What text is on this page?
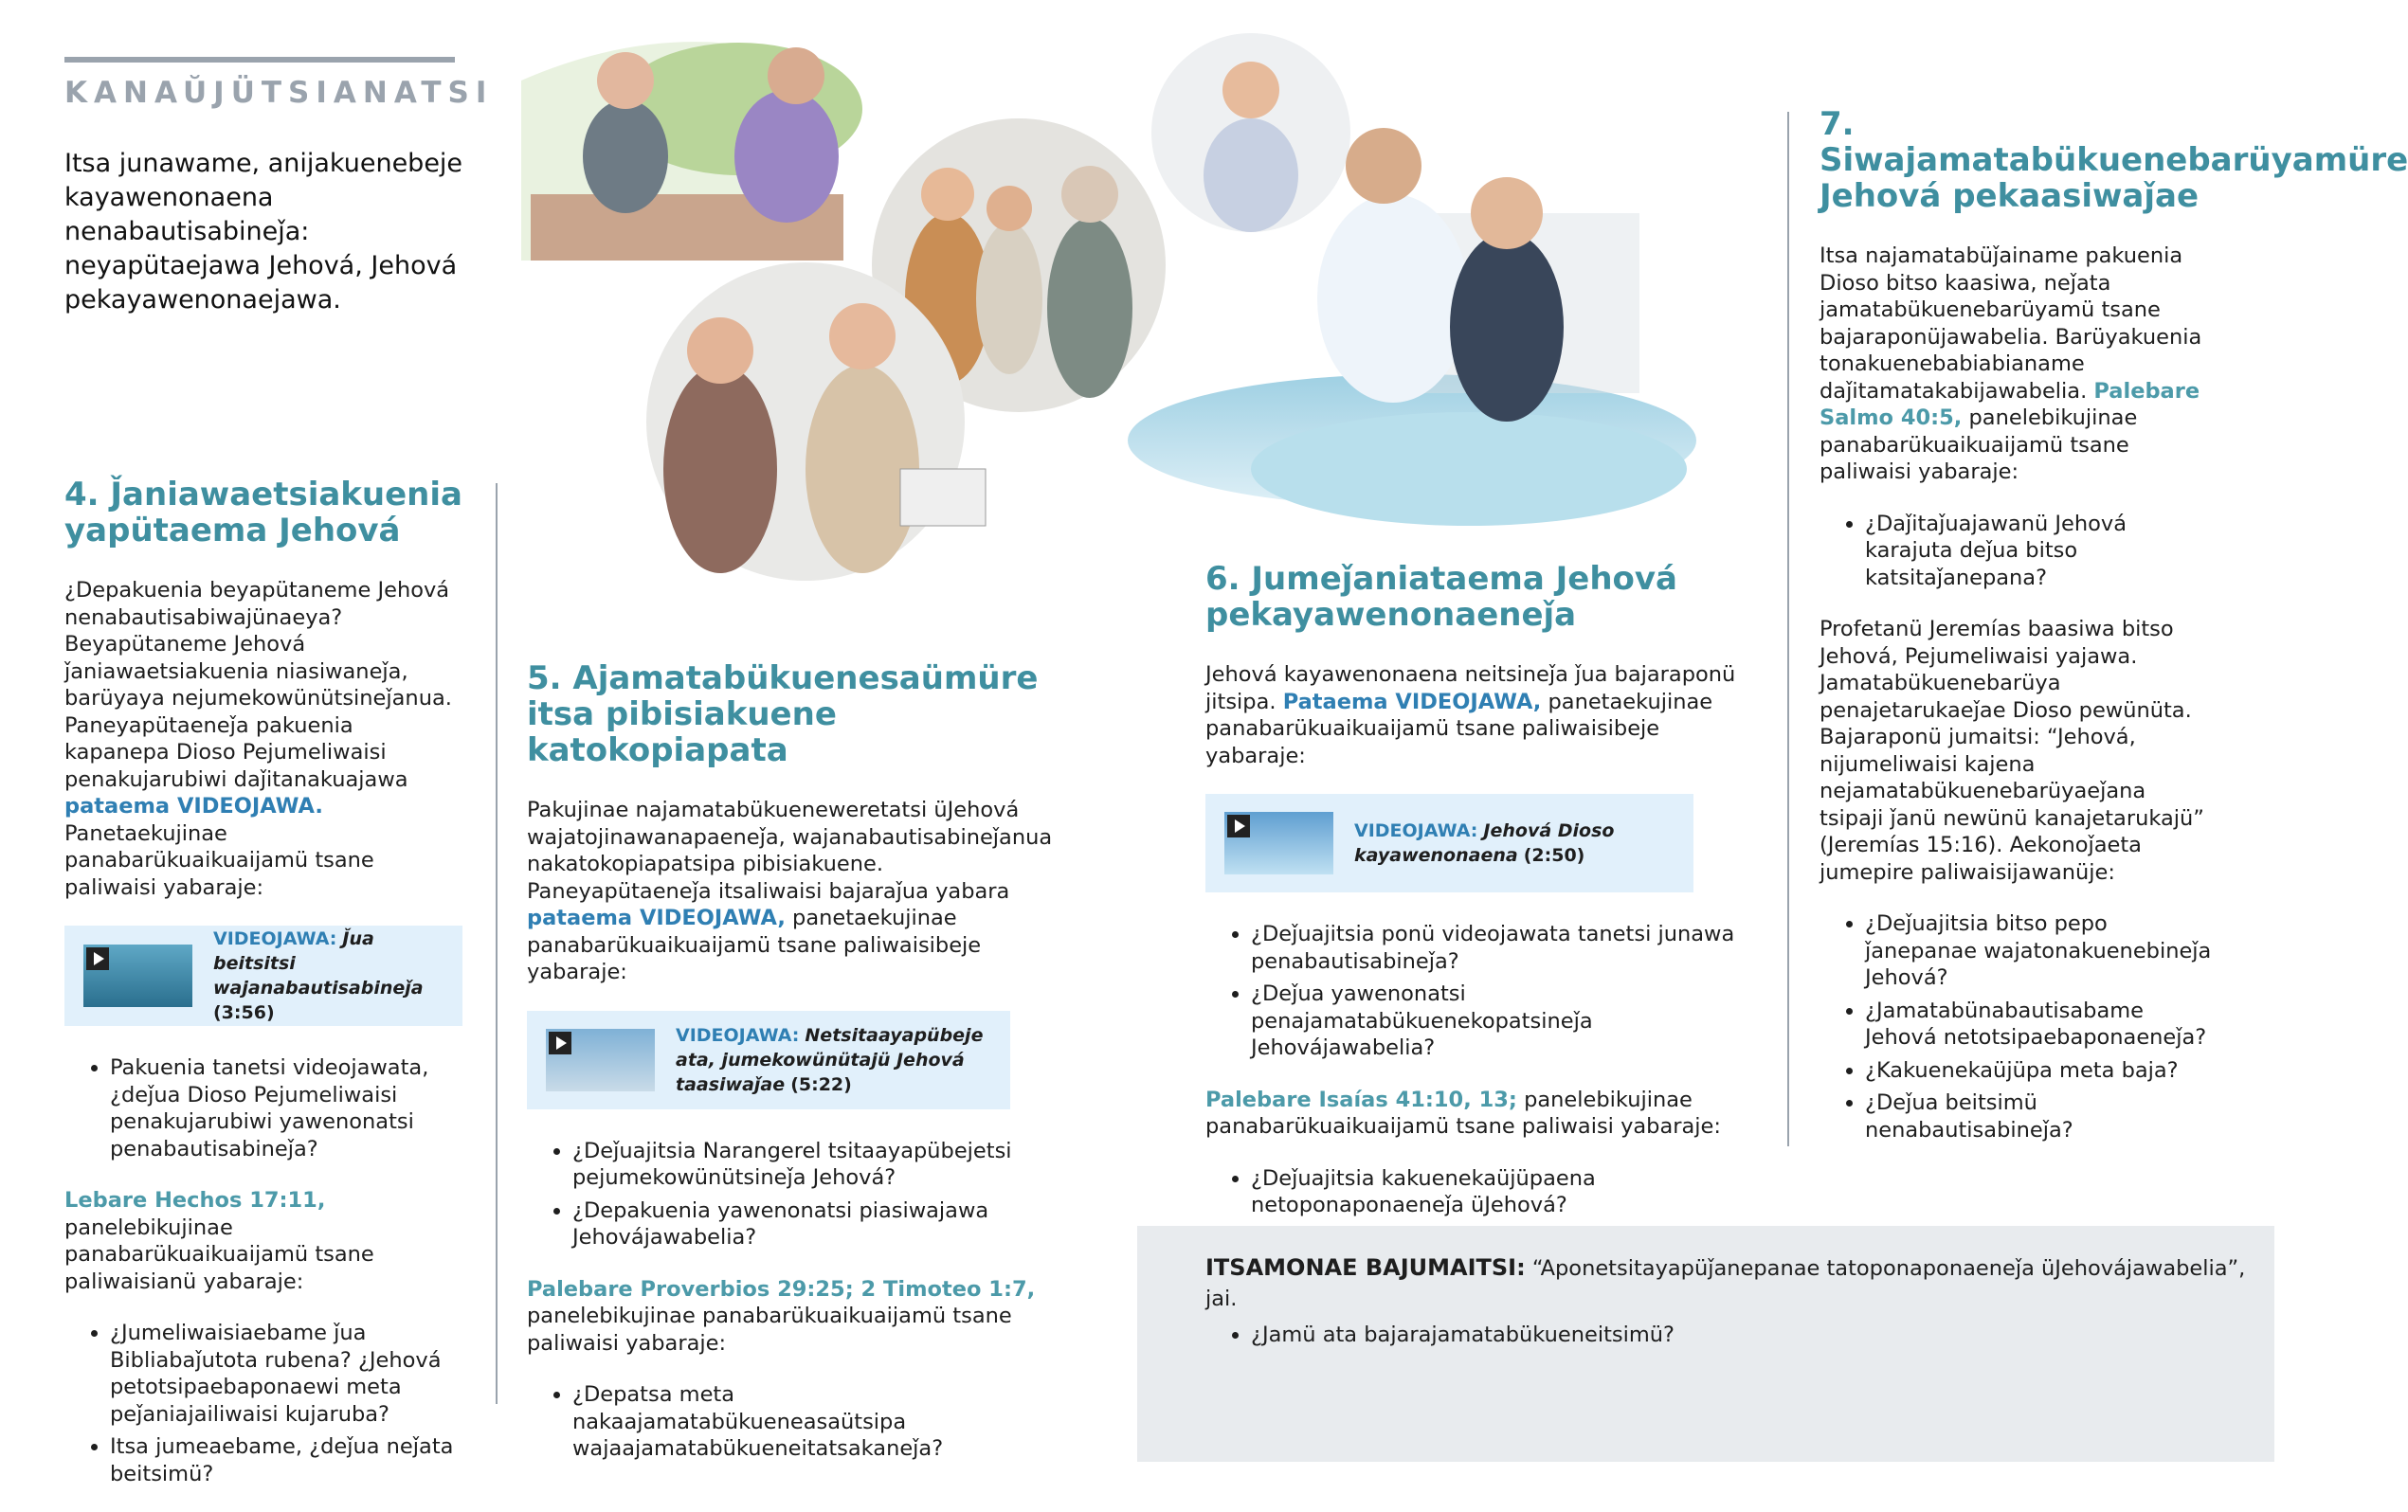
KANAŬJÜTSIANATSI
Itsa junawame, anijakuenebeje kayawenonaena nenabautisabineǰa: neyapütaejawa Jehová, Jehová pekayawenonaejawa.
4. J̌aniawaetsiakuenia yapütaema Jehová
¿Depakuenia beyapütaneme Jehová nenabautisabiwajünaeya? Beyapütaneme Jehová ǰaniawaetsiakuenia niasiwaneǰa, barüyaya nejumekowünütsineǰanua. Paneyapütaeneǰa pakuenia kapanepa Dioso Pejumeliwaisi penakujarubiwi daǰitanakuajawa pataema VIDEOJAWA. Panetaekujinae panabarükuaikuaijamü tsane paliwaisi yabaraje:
VIDEOJAWA: J̌ua beitsitsi wajanabautisabineǰa (3:56)
• Pakuenia tanetsi videojawata, ¿deǰua Dioso Pejumeliwaisi penakujarubiwi yawenonatsi penabautisabineǰa?
Lebare Hechos 17:11, panelebikujinae panabarükuaikuaijamü tsane paliwaisianü yabaraje:
• ¿Jumeliwaisiaebame ǰua Bibliabaǰutota rubena? ¿Jehová petotsipaebaponaewi meta peǰaniajailiwaisi kujaruba?
• Itsa jumeaebame, ¿deǰua neǰata beitsimü?
5. Ajamatabükuenesaümüre itsa pibisiakuene katokopiapata
Pakujinae najamatabükueneweretatsi üJehová wajatojinawanapaeneǰa, wajanabautisabineǰanua nakatokopiapatsipa pibisiakuene. Paneyapütaeneǰa itsaliwaisi bajaraǰua yabara pataema VIDEOJAWA, panetaekujinae panabarükuaikuaijamü tsane paliwaisibeje yabaraje:
VIDEOJAWA: Netsitaayapübeje ata, jumekowünütajü Jehová taasiwaǰae (5:22)
• ¿Deǰuajitsia Narangerel tsitaayapübejetsi pejumekowünütsineǰa Jehová?
• ¿Depakuenia yawenonatsi piasiwajawa Jehovájawabelia?
Palebare Proverbios 29:25; 2 Timoteo 1:7, panelebikujinae panabarükuaikuaijamü tsane paliwaisi yabaraje:
• ¿Depatsa meta nakaajamatabükueneasaütsipa wajaajamatabükueneitatsakaneǰa?
6. Jumeǰaniataema Jehová pekayawenonaeneǰa
Jehová kayawenonaena neitsineǰa ǰua bajaraponü jitsipa. Pataema VIDEOJAWA, panetaekujinae panabarükuaikuaijamü tsane paliwaisibeje yabaraje:
VIDEOJAWA: Jehová Dioso kayawenonaena (2:50)
• ¿Deǰuajitsia ponü videojawata tanetsi junawa penabautisabineǰa?
• ¿Deǰua yawenonatsi penajamatabükuenekopatsineǰa Jehovájawabelia?
Palebare Isaías 41:10, 13; panelebikujinae panabarükuaikuaijamü tsane paliwaisi yabaraje:
• ¿Deǰuajitsia kakuenekaüjüpaena netoponaponaeneǰa üJehová?
7. Siwajamatabükuenebarüyamüre Jehová pekaasiwaǰae
Itsa najamatabüǰainame pakuenia Dioso bitso kaasiwa, neǰata jamatabükuenebarüyamü tsane bajaraponüjawabelia. Barüyakuenia tonakuenebabiabianame daǰitamatakabijawabelia. Palebare Salmo 40:5, panelebikujinae panabarükuaikuaijamü tsane paliwaisi yabaraje:
• ¿Daǰitaǰuajawanü Jehová karajuta deǰua bitso katsitaǰanepana?
Profetanü Jeremías baasiwa bitso Jehová, Pejumeliwaisi yajawa. Jamatabükuenebarüya penajetarukaeǰae Dioso pewünüta. Bajaraponü jumaitsi: “Jehová, nijumeliwaisi kajena nejamatabükuenebarüyaeǰana tsipaji ǰanü newünü kanajetarukajü” (Jeremías 15:16). Aekonoǰaeta jumepire paliwaisijawanüje:
• ¿Deǰuajitsia bitso pepo ǰanepanae wajatonakuenebineǰa Jehová?
• ¿Jamatabünabautisabame Jehová netotsipaebaponaeneǰa?
• ¿Kakuenekaüjüpa meta baja?
• ¿Deǰua beitsimü nenabautisabineǰa?
ITSAMONAE BAJUMAITSI: “Aponetsitayapüǰanepanae tatoponaponaeneǰa üJehovájawabelia”, jai.
• ¿Jamü ata bajarajamatabükueneitsimü?
